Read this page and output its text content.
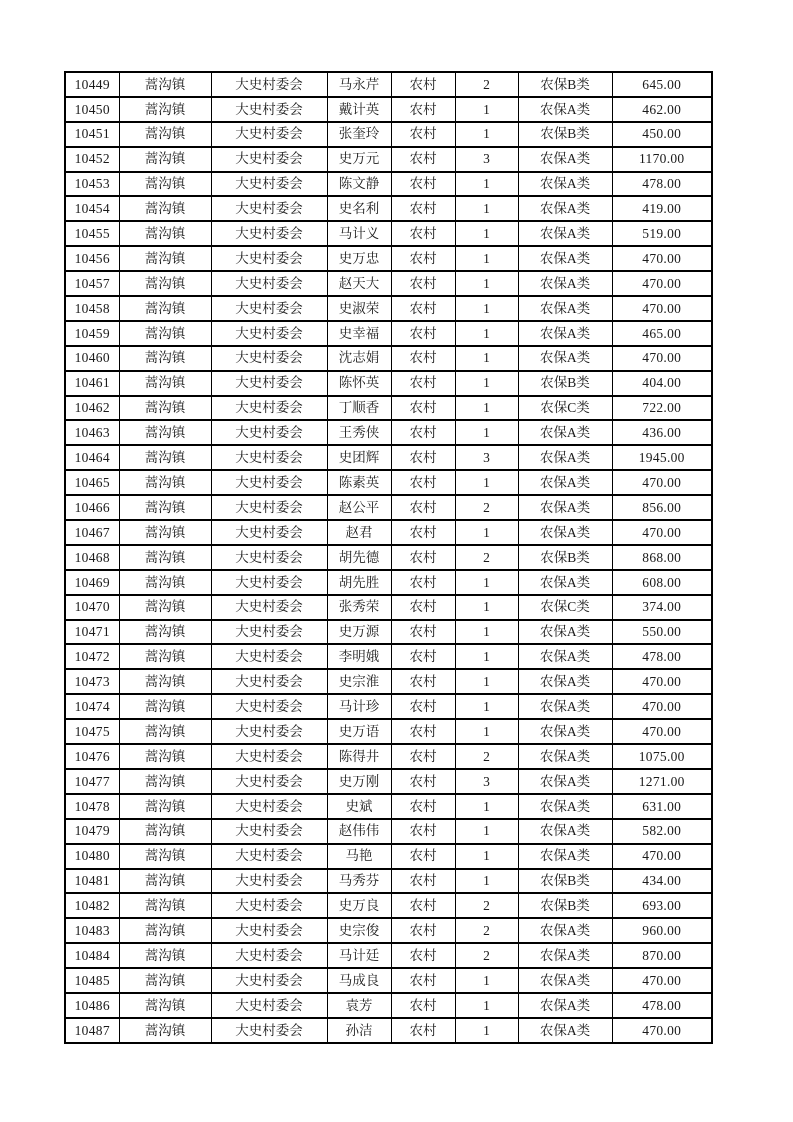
10449	蒿沟镇	大史村委会	马永芹	农村	2	农保B类	645.00
10450	蒿沟镇	大史村委会	戴计英	农村	1	农保A类	462.00
10451	蒿沟镇	大史村委会	张奎玲	农村	1	农保B类	450.00
10452	蒿沟镇	大史村委会	史万元	农村	3	农保A类	1170.00
10453	蒿沟镇	大史村委会	陈文静	农村	1	农保A类	478.00
10454	蒿沟镇	大史村委会	史名利	农村	1	农保A类	419.00
10455	蒿沟镇	大史村委会	马计义	农村	1	农保A类	519.00
10456	蒿沟镇	大史村委会	史万忠	农村	1	农保A类	470.00
10457	蒿沟镇	大史村委会	赵天大	农村	1	农保A类	470.00
10458	蒿沟镇	大史村委会	史淑荣	农村	1	农保A类	470.00
10459	蒿沟镇	大史村委会	史幸福	农村	1	农保A类	465.00
10460	蒿沟镇	大史村委会	沈志娟	农村	1	农保A类	470.00
10461	蒿沟镇	大史村委会	陈怀英	农村	1	农保B类	404.00
10462	蒿沟镇	大史村委会	丁顺香	农村	1	农保C类	722.00
10463	蒿沟镇	大史村委会	王秀侠	农村	1	农保A类	436.00
10464	蒿沟镇	大史村委会	史团辉	农村	3	农保A类	1945.00
10465	蒿沟镇	大史村委会	陈素英	农村	1	农保A类	470.00
10466	蒿沟镇	大史村委会	赵公平	农村	2	农保A类	856.00
10467	蒿沟镇	大史村委会	赵君	农村	1	农保A类	470.00
10468	蒿沟镇	大史村委会	胡先德	农村	2	农保B类	868.00
10469	蒿沟镇	大史村委会	胡先胜	农村	1	农保A类	608.00
10470	蒿沟镇	大史村委会	张秀荣	农村	1	农保C类	374.00
10471	蒿沟镇	大史村委会	史万源	农村	1	农保A类	550.00
10472	蒿沟镇	大史村委会	李明娥	农村	1	农保A类	478.00
10473	蒿沟镇	大史村委会	史宗淮	农村	1	农保A类	470.00
10474	蒿沟镇	大史村委会	马计珍	农村	1	农保A类	470.00
10475	蒿沟镇	大史村委会	史万语	农村	1	农保A类	470.00
10476	蒿沟镇	大史村委会	陈得井	农村	2	农保A类	1075.00
10477	蒿沟镇	大史村委会	史万刚	农村	3	农保A类	1271.00
10478	蒿沟镇	大史村委会	史斌	农村	1	农保A类	631.00
10479	蒿沟镇	大史村委会	赵伟伟	农村	1	农保A类	582.00
10480	蒿沟镇	大史村委会	马艳	农村	1	农保A类	470.00
10481	蒿沟镇	大史村委会	马秀芬	农村	1	农保B类	434.00
10482	蒿沟镇	大史村委会	史万良	农村	2	农保B类	693.00
10483	蒿沟镇	大史村委会	史宗俊	农村	2	农保A类	960.00
10484	蒿沟镇	大史村委会	马计廷	农村	2	农保A类	870.00
10485	蒿沟镇	大史村委会	马成良	农村	1	农保A类	470.00
10486	蒿沟镇	大史村委会	袁芳	农村	1	农保A类	478.00
10487	蒿沟镇	大史村委会	孙洁	农村	1	农保A类	470.00
